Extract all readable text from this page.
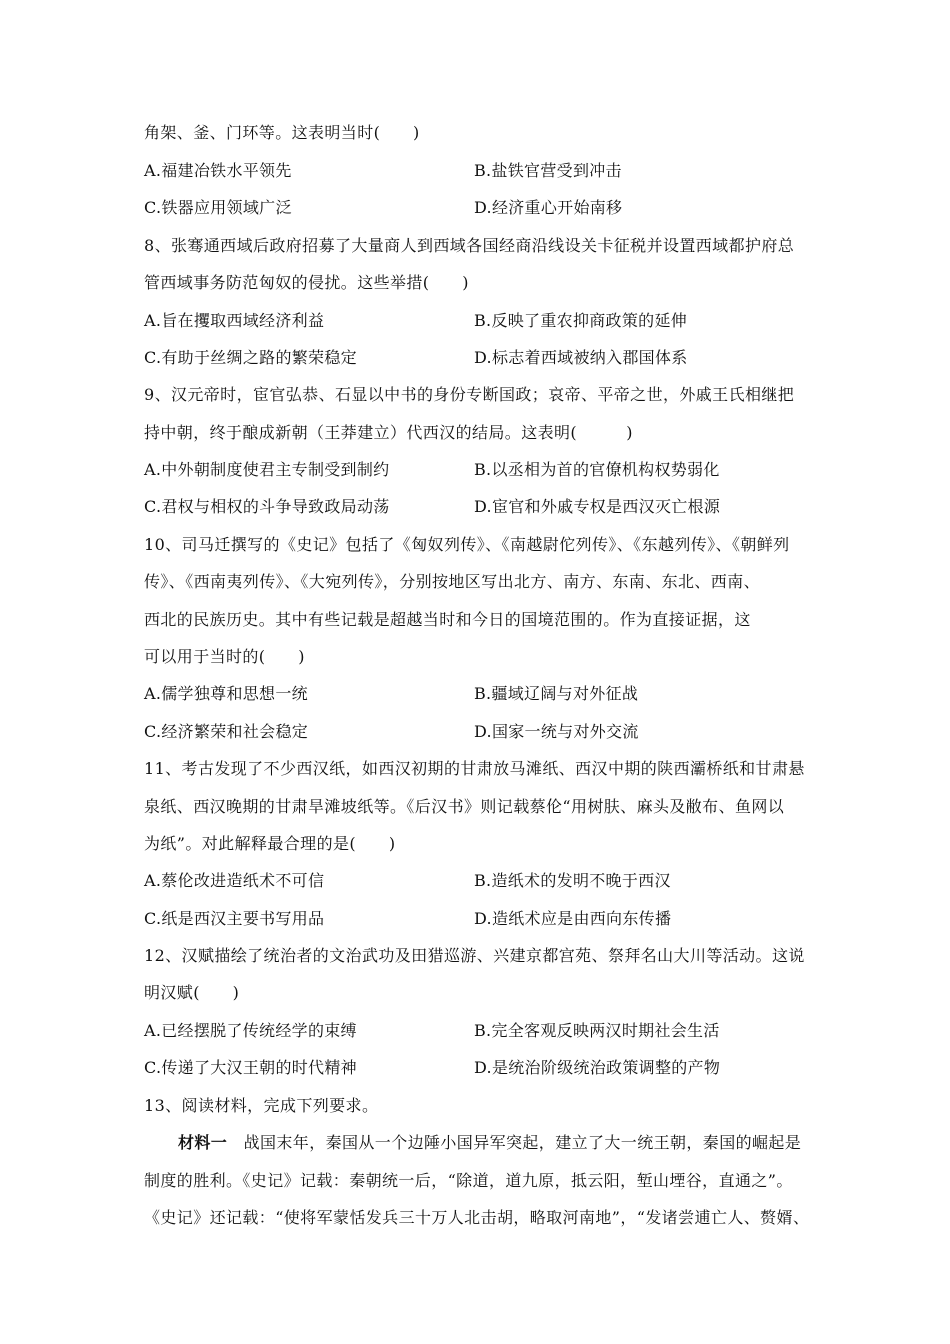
角架、釜、门环等。这表明当时(　　)
A.福建冶铁水平领先	B.盐铁官营受到冲击
C.铁器应用领域广泛	D.经济重心开始南移
8、张骞通西域后政府招募了大量商人到西域各国经商沿线设关卡征税并设置西域都护府总
管西域事务防范匈奴的侵扰。这些举措(　　)
A.旨在攫取西域经济利益	B.反映了重农抑商政策的延伸
C.有助于丝绸之路的繁荣稳定	D.标志着西域被纳入郡国体系
9、汉元帝时，宦官弘恭、石显以中书的身份专断国政；哀帝、平帝之世，外戚王氏相继把
持中朝，终于酿成新朝（王莽建立）代西汉的结局。这表明(　　　)
A.中外朝制度使君主专制受到制约	B.以丞相为首的官僚机构权势弱化
C.君权与相权的斗争导致政局动荡	D.宦官和外戚专权是西汉灭亡根源
10、司马迁撰写的《史记》包括了《匈奴列传》、《南越尉佗列传》、《东越列传》、《朝鲜列
传》、《西南夷列传》、《大宛列传》，分别按地区写出北方、南方、东南、东北、西南、
西北的民族历史。其中有些记载是超越当时和今日的国境范围的。作为直接证据，这
可以用于当时的(　　)
A.儒学独尊和思想一统	B.疆域辽阔与对外征战
C.经济繁荣和社会稳定	D.国家一统与对外交流
11、考古发现了不少西汉纸，如西汉初期的甘肃放马滩纸、西汉中期的陕西灞桥纸和甘肃悬
泉纸、西汉晚期的甘肃旱滩坡纸等。《后汉书》则记载蔡伦“用树肤、麻头及敝布、鱼网以
为纸”。对此解释最合理的是(　　)
A.蔡伦改进造纸术不可信	B.造纸术的发明不晚于西汉
C.纸是西汉主要书写用品	D.造纸术应是由西向东传播
12、汉赋描绘了统治者的文治武功及田猎巡游、兴建京都宫苑、祭拜名山大川等活动。这说
明汉赋(　　)
A.已经摆脱了传统经学的束缚	B.完全客观反映两汉时期社会生活
C.传递了大汉王朝的时代精神	D.是统治阶级统治政策调整的产物
13、阅读材料，完成下列要求。
材料一　战国末年，秦国从一个边陲小国异军突起，建立了大一统王朝，秦国的崛起是
制度的胜利。《史记》记载：秦朝统一后，“除道，道九原，抵云阳，堑山堙谷，直通之”。
《史记》还记载：“使将军蒙恬发兵三十万人北击胡，略取河南地”，“发诸尝逋亡人、赘婿、
